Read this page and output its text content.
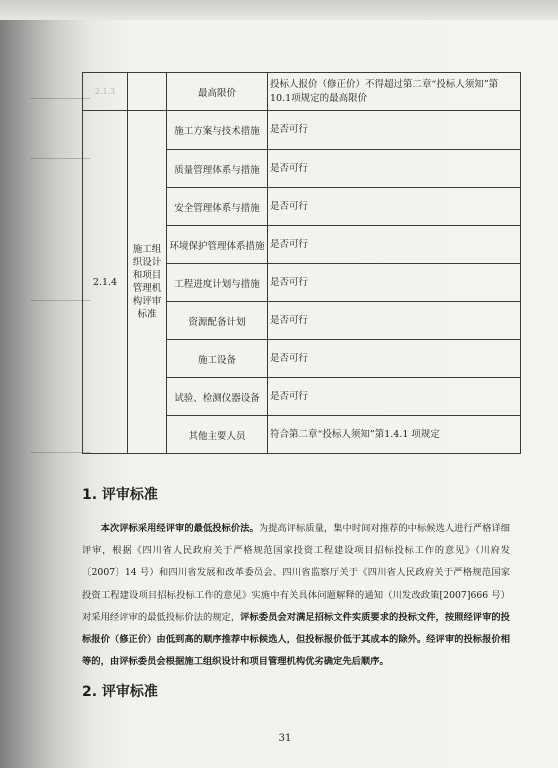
2.1.3		最高限价	投标人报价（修正价）不得超过第二章“投标人须知”第10.1项规定的最高限价
2.1.4	施工组织设计和项目管理机构评审标准	施工方案与技术措施	是否可行
		质量管理体系与措施	是否可行
		安全管理体系与措施	是否可行
		环境保护管理体系措施	是否可行
		工程进度计划与措施	是否可行
		资源配备计划	是否可行
		施工设备	是否可行
		试验、检测仪器设备	是否可行
		其他主要人员	符合第二章“投标人须知”第1.4.1 项规定
1. 评审标准
本次评标采用经评审的最低投标价法。为提高评标质量，集中时间对推荐的中标候选人进行严格详细评审，根据《四川省人民政府关于严格规范国家投资工程建设项目招标投标工作的意见》（川府发〔2007〕14 号）和四川省发展和改革委员会、四川省监察厅关于《四川省人民政府关于严格规范国家投资工程建设项目招标投标工作的意见》实施中有关具体问题解释的通知（川发改政策[2007]666 号）对采用经评审的最低投标价法的规定，评标委员会对满足招标文件实质要求的投标文件，按照经评审的投标报价（修正价）由低到高的顺序推荐中标候选人，但投标报价低于其成本的除外。经评审的投标报价相等的，由评标委员会根据施工组织设计和项目管理机构优劣确定先后顺序。
2. 评审标准
31
